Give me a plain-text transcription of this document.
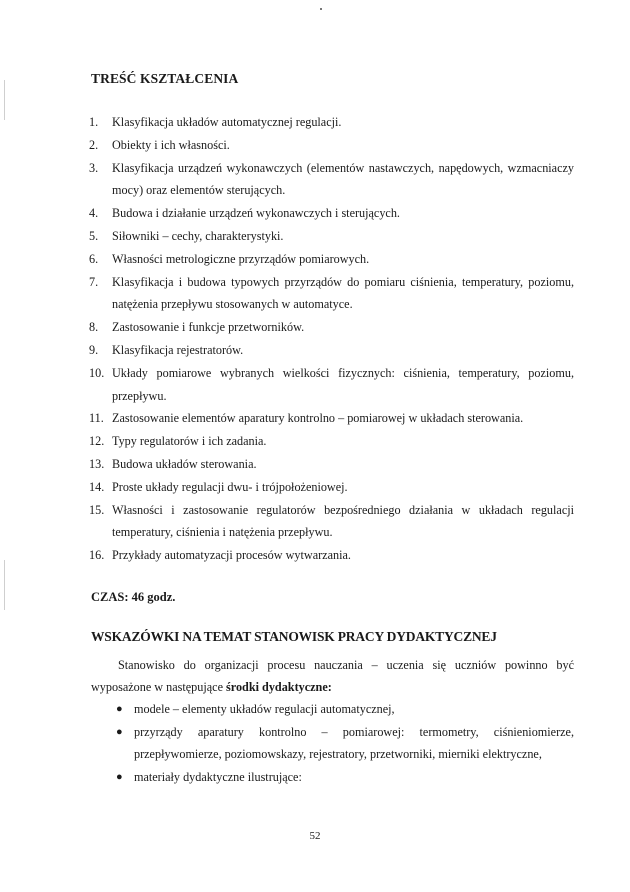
TREŚĆ KSZTAŁCENIA
1. Klasyfikacja układów automatycznej regulacji.
2. Obiekty i ich własności.
3. Klasyfikacja urządzeń wykonawczych (elementów nastawczych, napędowych, wzmacniaczy mocy) oraz elementów sterujących.
4. Budowa i działanie urządzeń wykonawczych i sterujących.
5. Siłowniki – cechy, charakterystyki.
6. Własności metrologiczne przyrządów pomiarowych.
7. Klasyfikacja i budowa typowych przyrządów do pomiaru ciśnienia, temperatury, poziomu, natężenia przepływu stosowanych w automatyce.
8. Zastosowanie i funkcje przetworników.
9. Klasyfikacja rejestratorów.
10. Układy pomiarowe wybranych wielkości fizycznych: ciśnienia, temperatury, poziomu, przepływu.
11. Zastosowanie elementów aparatury kontrolno – pomiarowej w układach sterowania.
12. Typy regulatorów i ich zadania.
13. Budowa układów sterowania.
14. Proste układy regulacji dwu- i trójpołożeniowej.
15. Własności i zastosowanie regulatorów bezpośredniego działania w układach regulacji temperatury, ciśnienia i natężenia przepływu.
16. Przykłady automatyzacji procesów wytwarzania.
CZAS: 46 godz.
WSKAZÓWKI NA TEMAT STANOWISK PRACY DYDAKTYCZNEJ

Stanowisko do organizacji procesu nauczania – uczenia się uczniów powinno być wyposażone w następujące środki dydaktyczne:

● modele – elementy układów regulacji automatycznej,
● przyrządy aparatury kontrolno – pomiarowej: termometry, ciśnieniomierze, przepływomierze, poziomowskazy, rejestratory, przetworniki, mierniki elektryczne,
● materiały dydaktyczne ilustrujące:
52
